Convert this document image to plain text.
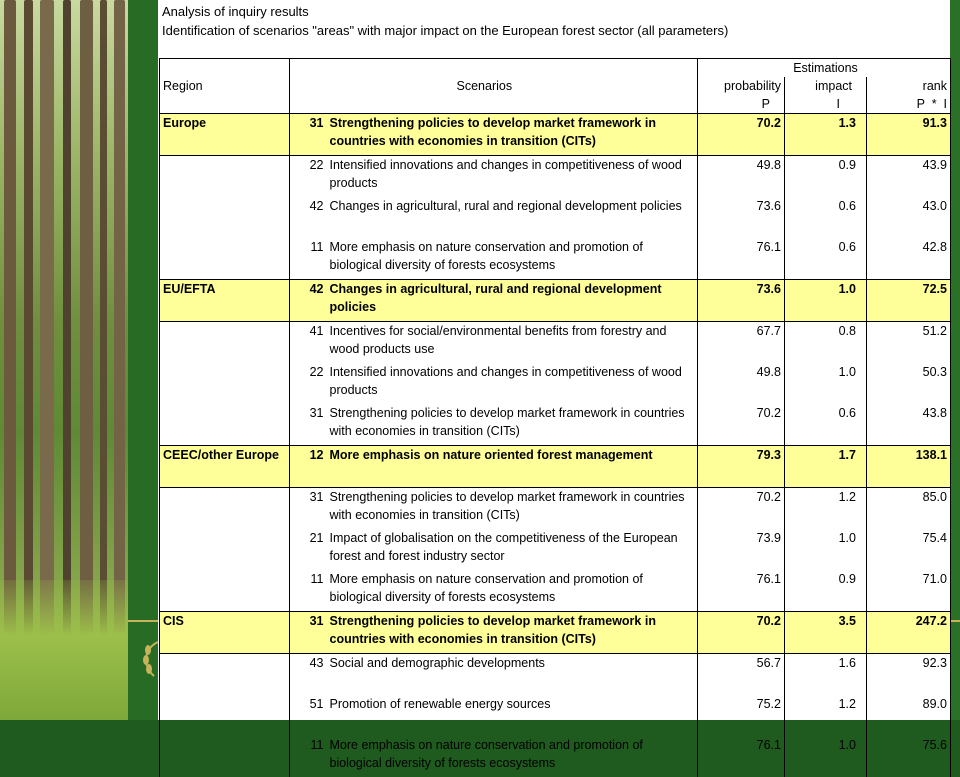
Analysis of inquiry results
Identification of scenarios "areas" with major impact on the European forest sector (all parameters)
				Estimations	
Region		Scenarios	probability	impact	rank
			P	I	P  *  I
Europe	31	Strengthening policies to develop market framework in countries with economies in transition (CITs)	70.2	1.3	91.3
	22	Intensified innovations and changes in competitiveness of wood products	49.8	0.9	43.9
	42	Changes in agricultural, rural and regional development policies	73.6	0.6	43.0
	11	More emphasis on nature conservation and promotion of biological diversity of forests ecosystems	76.1	0.6	42.8
EU/EFTA	42	Changes in agricultural, rural and regional development policies	73.6	1.0	72.5
	41	Incentives for social/environmental benefits from forestry and wood products use	67.7	0.8	51.2
	22	Intensified innovations and changes in competitiveness of wood products	49.8	1.0	50.3
	31	Strengthening policies to develop market framework in countries with economies in transition (CITs)	70.2	0.6	43.8
CEEC/other Europe	12	More emphasis on nature oriented forest management	79.3	1.7	138.1
	31	Strengthening policies to develop market framework in countries with economies in transition (CITs)	70.2	1.2	85.0
	21	Impact of globalisation on the competitiveness of the European forest and forest industry sector	73.9	1.0	75.4
	11	More emphasis on nature conservation and promotion of biological diversity of forests ecosystems	76.1	0.9	71.0
CIS	31	Strengthening policies to develop market framework in countries with economies in transition (CITs)	70.2	3.5	247.2
	43	Social and demographic developments	56.7	1.6	92.3
	51	Promotion of renewable energy sources	75.2	1.2	89.0
	11	More emphasis on nature conservation and promotion of biological diversity of forests ecosystems	76.1	1.0	75.6
